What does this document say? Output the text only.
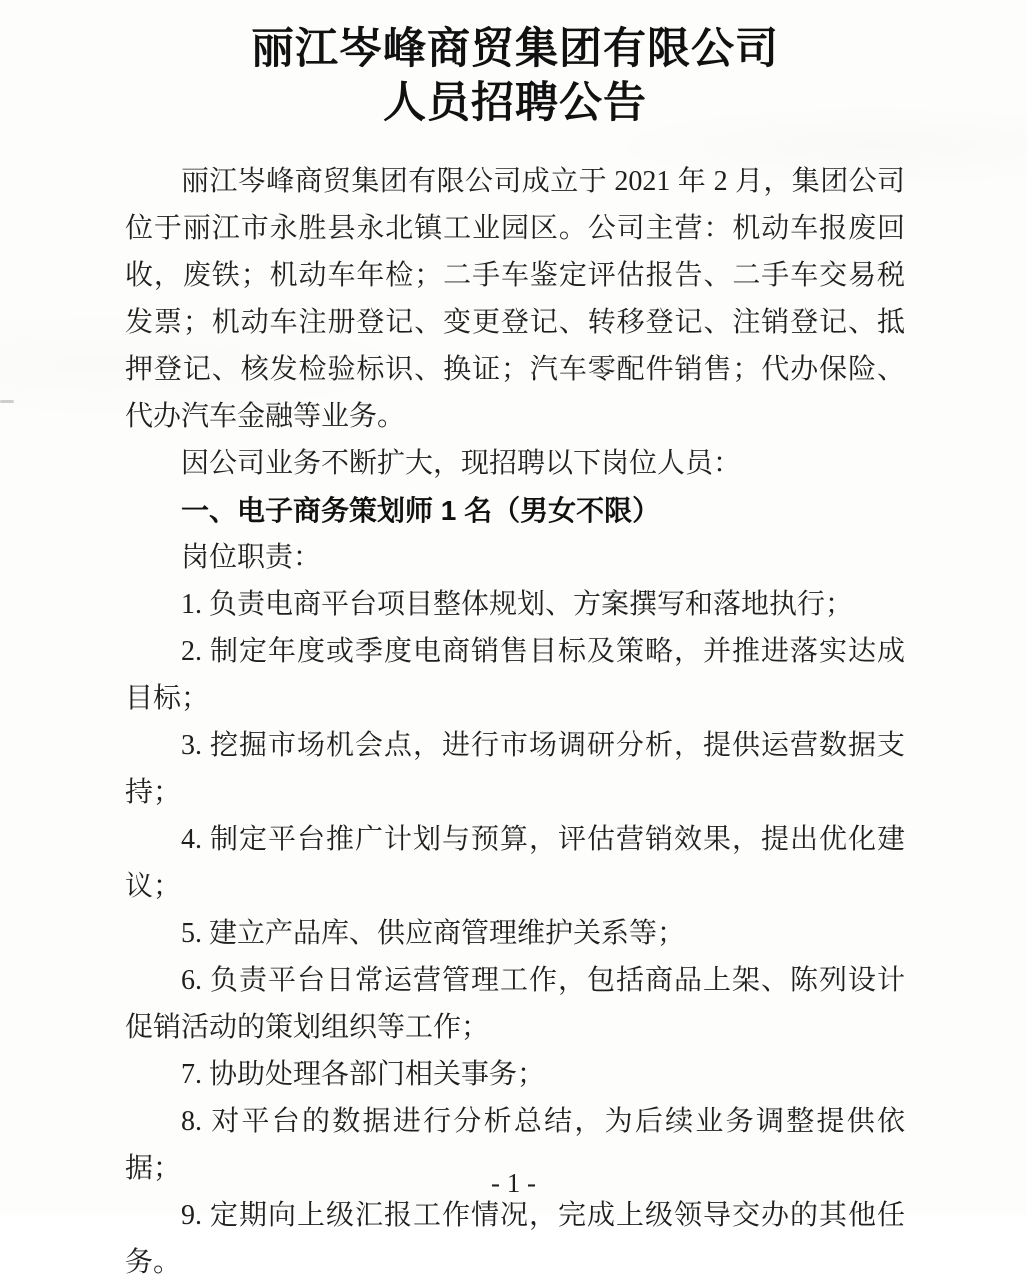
丽江岑峰商贸集团有限公司
人员招聘公告

丽江岑峰商贸集团有限公司成立于 2021 年 2 月，集团公司位于丽江市永胜县永北镇工业园区。公司主营：机动车报废回收，废铁；机动车年检；二手车鉴定评估报告、二手车交易税发票；机动车注册登记、变更登记、转移登记、注销登记、抵押登记、核发检验标识、换证；汽车零配件销售；代办保险、代办汽车金融等业务。

因公司业务不断扩大，现招聘以下岗位人员：

一、电子商务策划师 1 名（男女不限）

岗位职责：

1. 负责电商平台项目整体规划、方案撰写和落地执行；

2. 制定年度或季度电商销售目标及策略，并推进落实达成目标；

3. 挖掘市场机会点，进行市场调研分析，提供运营数据支持；

4. 制定平台推广计划与预算，评估营销效果，提出优化建议；

5. 建立产品库、供应商管理维护关系等；

6. 负责平台日常运营管理工作，包括商品上架、陈列设计促销活动的策划组织等工作；

7. 协助处理各部门相关事务；

8. 对平台的数据进行分析总结，为后续业务调整提供依据；

9. 定期向上级汇报工作情况，完成上级领导交办的其他任务。

- 1 -
